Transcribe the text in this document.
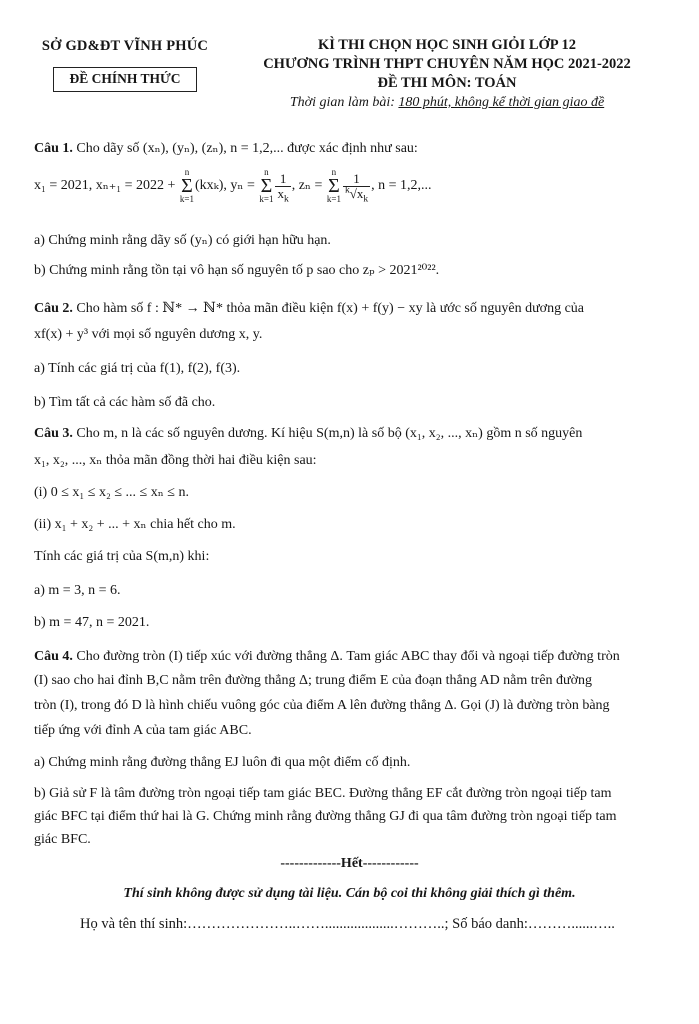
SỞ GD&ĐT VĨNH PHÚC
ĐỀ CHÍNH THỨC
KÌ THI CHỌN HỌC SINH GIỎI LỚP 12
CHƯƠNG TRÌNH THPT CHUYÊN NĂM HỌC 2021-2022
ĐỀ THI MÔN: TOÁN
Thời gian làm bài: 180 phút, không kể thời gian giao đề

Câu 1. Cho dãy số (xₙ), (yₙ), (zₙ), n = 1,2,... được xác định như sau:

x₁ = 2021, xₙ₊₁ = 2022 + n
Σ
k=1(kxₖ), yₙ = n
Σ
$k=1 \frac{1}{x_k}$ , zₙ = n
Σ
$k=1 \frac{1}{^k√x_k}$ , n = 1,2,...

a) Chứng minh rằng dãy số (yₙ) có giới hạn hữu hạn.

b) Chứng minh rằng tồn tại vô hạn số nguyên tố p sao cho zₚ > 2021²⁰²².

Câu 2. Cho hàm số f : ℕ* → ℕ* thỏa mãn điều kiện f(x) + f(y) − xy là ước số nguyên dương của

xf(x) + y³ với mọi số nguyên dương x, y.

a) Tính các giá trị của f(1), f(2), f(3).

b) Tìm tất cả các hàm số đã cho.

Câu 3. Cho m, n là các số nguyên dương. Kí hiệu S(m,n) là số bộ (x₁, x₂, ..., xₙ) gồm n số nguyên

x₁, x₂, ..., xₙ thỏa mãn đồng thời hai điều kiện sau:

(i) 0 ≤ x₁ ≤ x₂ ≤ ... ≤ xₙ ≤ n.

(ii) x₁ + x₂ + ... + xₙ chia hết cho m.

Tính các giá trị của S(m,n) khi:

a) m = 3, n = 6.

b) m = 47, n = 2021.

Câu 4. Cho đường tròn (I) tiếp xúc với đường thẳng Δ. Tam giác ABC thay đổi và ngoại tiếp đường tròn

(I) sao cho hai đỉnh B,C nằm trên đường thẳng Δ; trung điểm E của đoạn thẳng AD nằm trên đường

tròn (I), trong đó D là hình chiếu vuông góc của điểm A lên đường thẳng Δ. Gọi (J) là đường tròn bàng

tiếp ứng với đỉnh A của tam giác ABC.

a) Chứng minh rằng đường thẳng EJ luôn đi qua một điểm cố định.

b) Giả sử F là tâm đường tròn ngoại tiếp tam giác BEC. Đường thẳng EF cắt đường tròn ngoại tiếp tam

giác BFC tại điểm thứ hai là G. Chứng minh rằng đường thẳng GJ đi qua tâm đường tròn ngoại tiếp tam

giác BFC.

-------------Hết------------
Thí sinh không được sử dụng tài liệu. Cán bộ coi thi không giải thích gì thêm.
Họ và tên thí sinh:…………………..……...................………..; Số báo danh:………......…..
